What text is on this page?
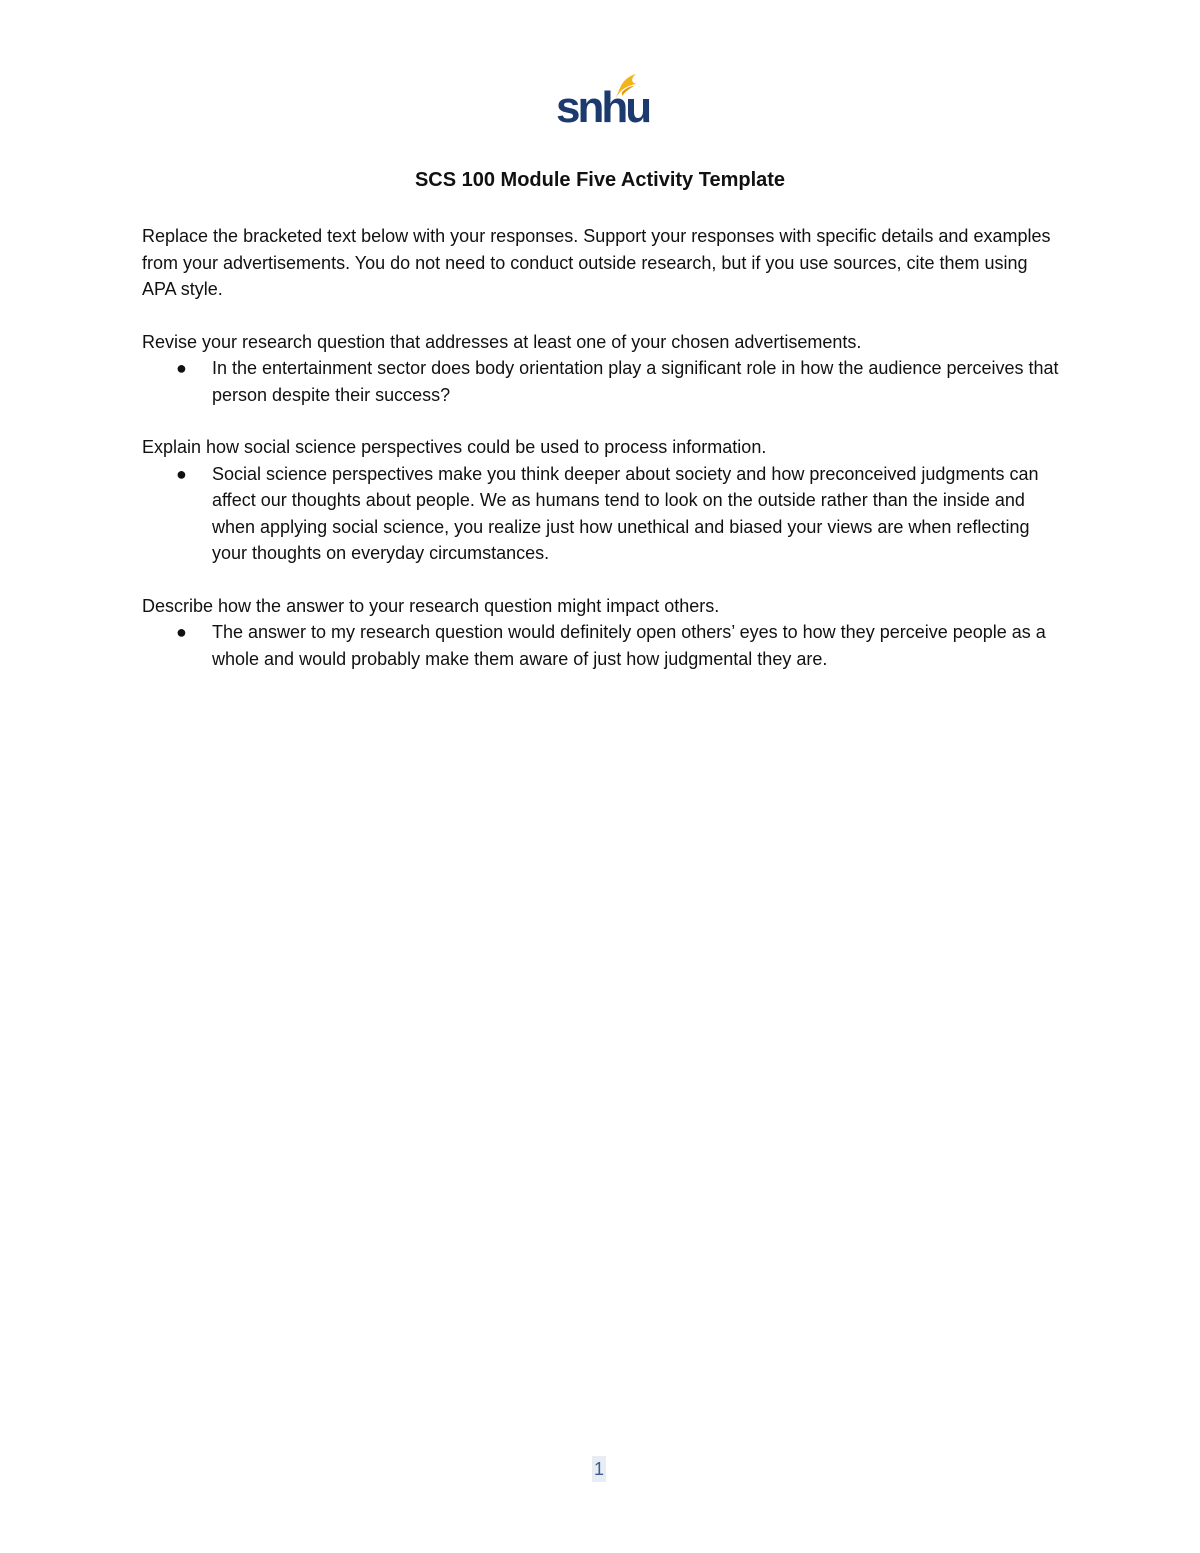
snhu
SCS 100 Module Five Activity Template

Replace the bracketed text below with your responses. Support your responses with specific details and examples from your advertisements. You do not need to conduct outside research, but if you use sources, cite them using APA style.

Revise your research question that addresses at least one of your chosen advertisements.

● In the entertainment sector does body orientation play a significant role in how the audience perceives that person despite their success?

Explain how social science perspectives could be used to process information.

● Social science perspectives make you think deeper about society and how preconceived judgments can affect our thoughts about people. We as humans tend to look on the outside rather than the inside and when applying social science, you realize just how unethical and biased your views are when reflecting your thoughts on everyday circumstances.

Describe how the answer to your research question might impact others.

● The answer to my research question would definitely open others’ eyes to how they perceive people as a whole and would probably make them aware of just how judgmental they are.
1
